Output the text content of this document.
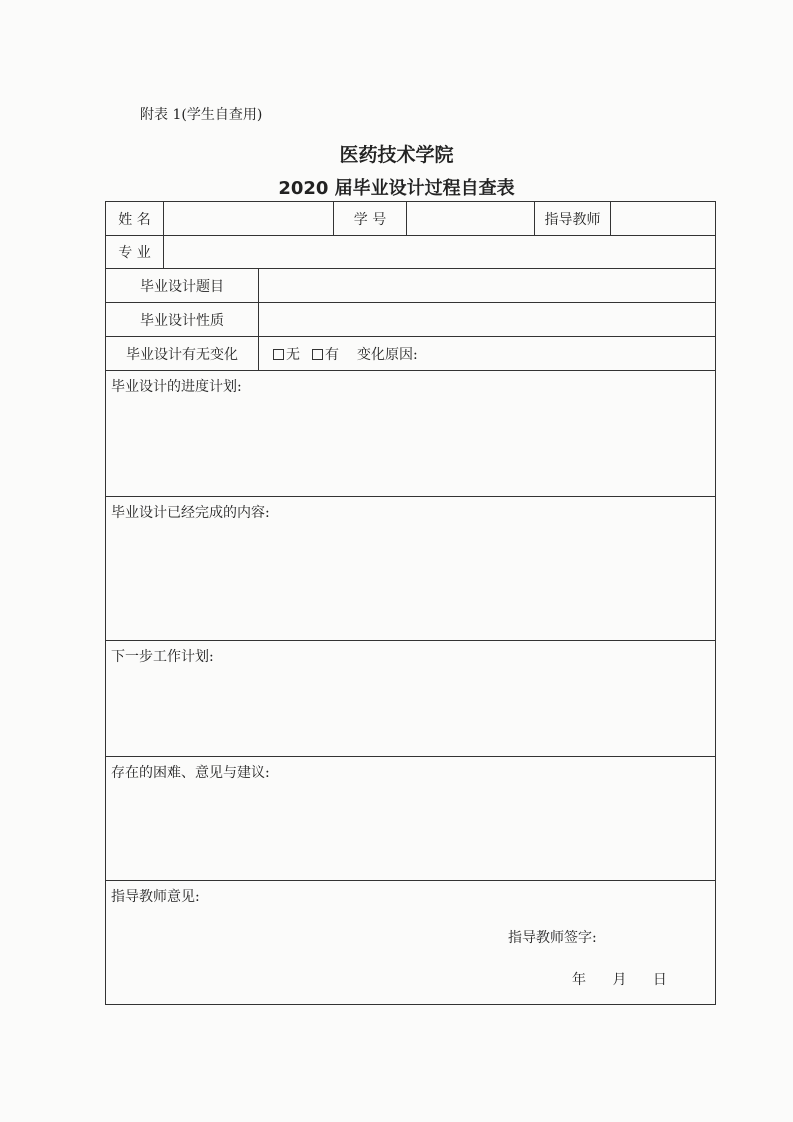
附表 1(学生自查用)
医药技术学院
2020 届毕业设计过程自查表
姓 名	学 号	指导教师
专 业
毕业设计题目
毕业设计性质
毕业设计有无变化	无	有 变化原因:
毕业设计的进度计划:
毕业设计已经完成的内容:
下一步工作计划:
存在的困难、意见与建议:
指导教师意见:
指导教师签字:
年 月 日
